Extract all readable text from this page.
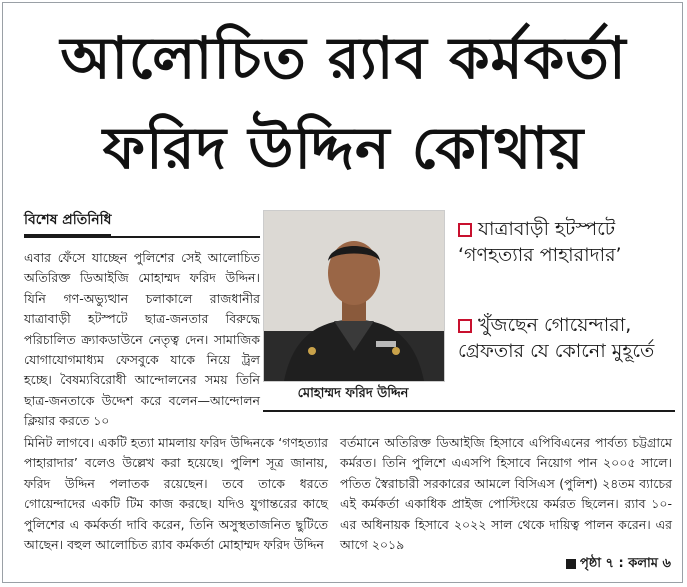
আলোচিত র‍্যাব কর্মকর্তা
ফরিদ উদ্দিন কোথায়
বিশেষ প্রতিনিধি

এবার ফেঁসে যাচ্ছেন পুলিশের সেই আলোচিত অতিরিক্ত ডিআইজি মোহাম্মদ ফরিদ উদ্দিন। যিনি গণ-অভ্যুত্থান চলাকালে রাজধানীর যাত্রাবাড়ী হটস্পটে ছাত্র-জনতার বিরুদ্ধে পরিচালিত ক্র্যাকডাউনে নেতৃত্ব দেন। সামাজিক যোগাযোগমাধ্যম ফেসবুকে যাকে নিয়ে ট্রল হচ্ছে। বৈষম্যবিরোধী আন্দোলনের সময় তিনি ছাত্র-জনতাকে উদ্দেশ করে বলেন—আন্দোলন ক্লিয়ার করতে ১০

মোহাম্মদ ফরিদ উদ্দিন
যাত্রাবাড়ী হটস্পটে ‘গণহত্যার পাহারাদার’
খুঁজছেন গোয়েন্দারা, গ্রেফতার যে কোনো মুহূর্তে

মিনিট লাগবে। একটি হত্যা মামলায় ফরিদ উদ্দিনকে ‘গণহত্যার পাহারাদার’ বলেও উল্লেখ করা হয়েছে। পুলিশ সূত্র জানায়, ফরিদ উদ্দিন পলাতক রয়েছেন। তবে তাকে ধরতে গোয়েন্দাদের একটি টিম কাজ করছে। যদিও যুগান্তরের কাছে পুলিশের এ কর্মকর্তা দাবি করেন, তিনি অসুস্থতাজনিত ছুটিতে আছেন। বহুল আলোচিত র‍্যাব কর্মকর্তা মোহাম্মদ ফরিদ উদ্দিন

বর্তমানে অতিরিক্ত ডিআইজি হিসাবে এপিবিএনের পার্বত্য চট্টগ্রামে কর্মরত। তিনি পুলিশে এএসপি হিসাবে নিয়োগ পান ২০০৫ সালে। পতিত স্বৈরাচারী সরকারের আমলে বিসিএস (পুলিশ) ২৪তম ব্যাচের এই কর্মকর্তা একাধিক প্রাইজ পোস্টিংয়ে কর্মরত ছিলেন। র‍্যাব ১০-এর অধিনায়ক হিসাবে ২০২২ সাল থেকে দায়িত্ব পালন করেন। এর আগে ২০১৯

পৃষ্ঠা ৭ : কলাম ৬
